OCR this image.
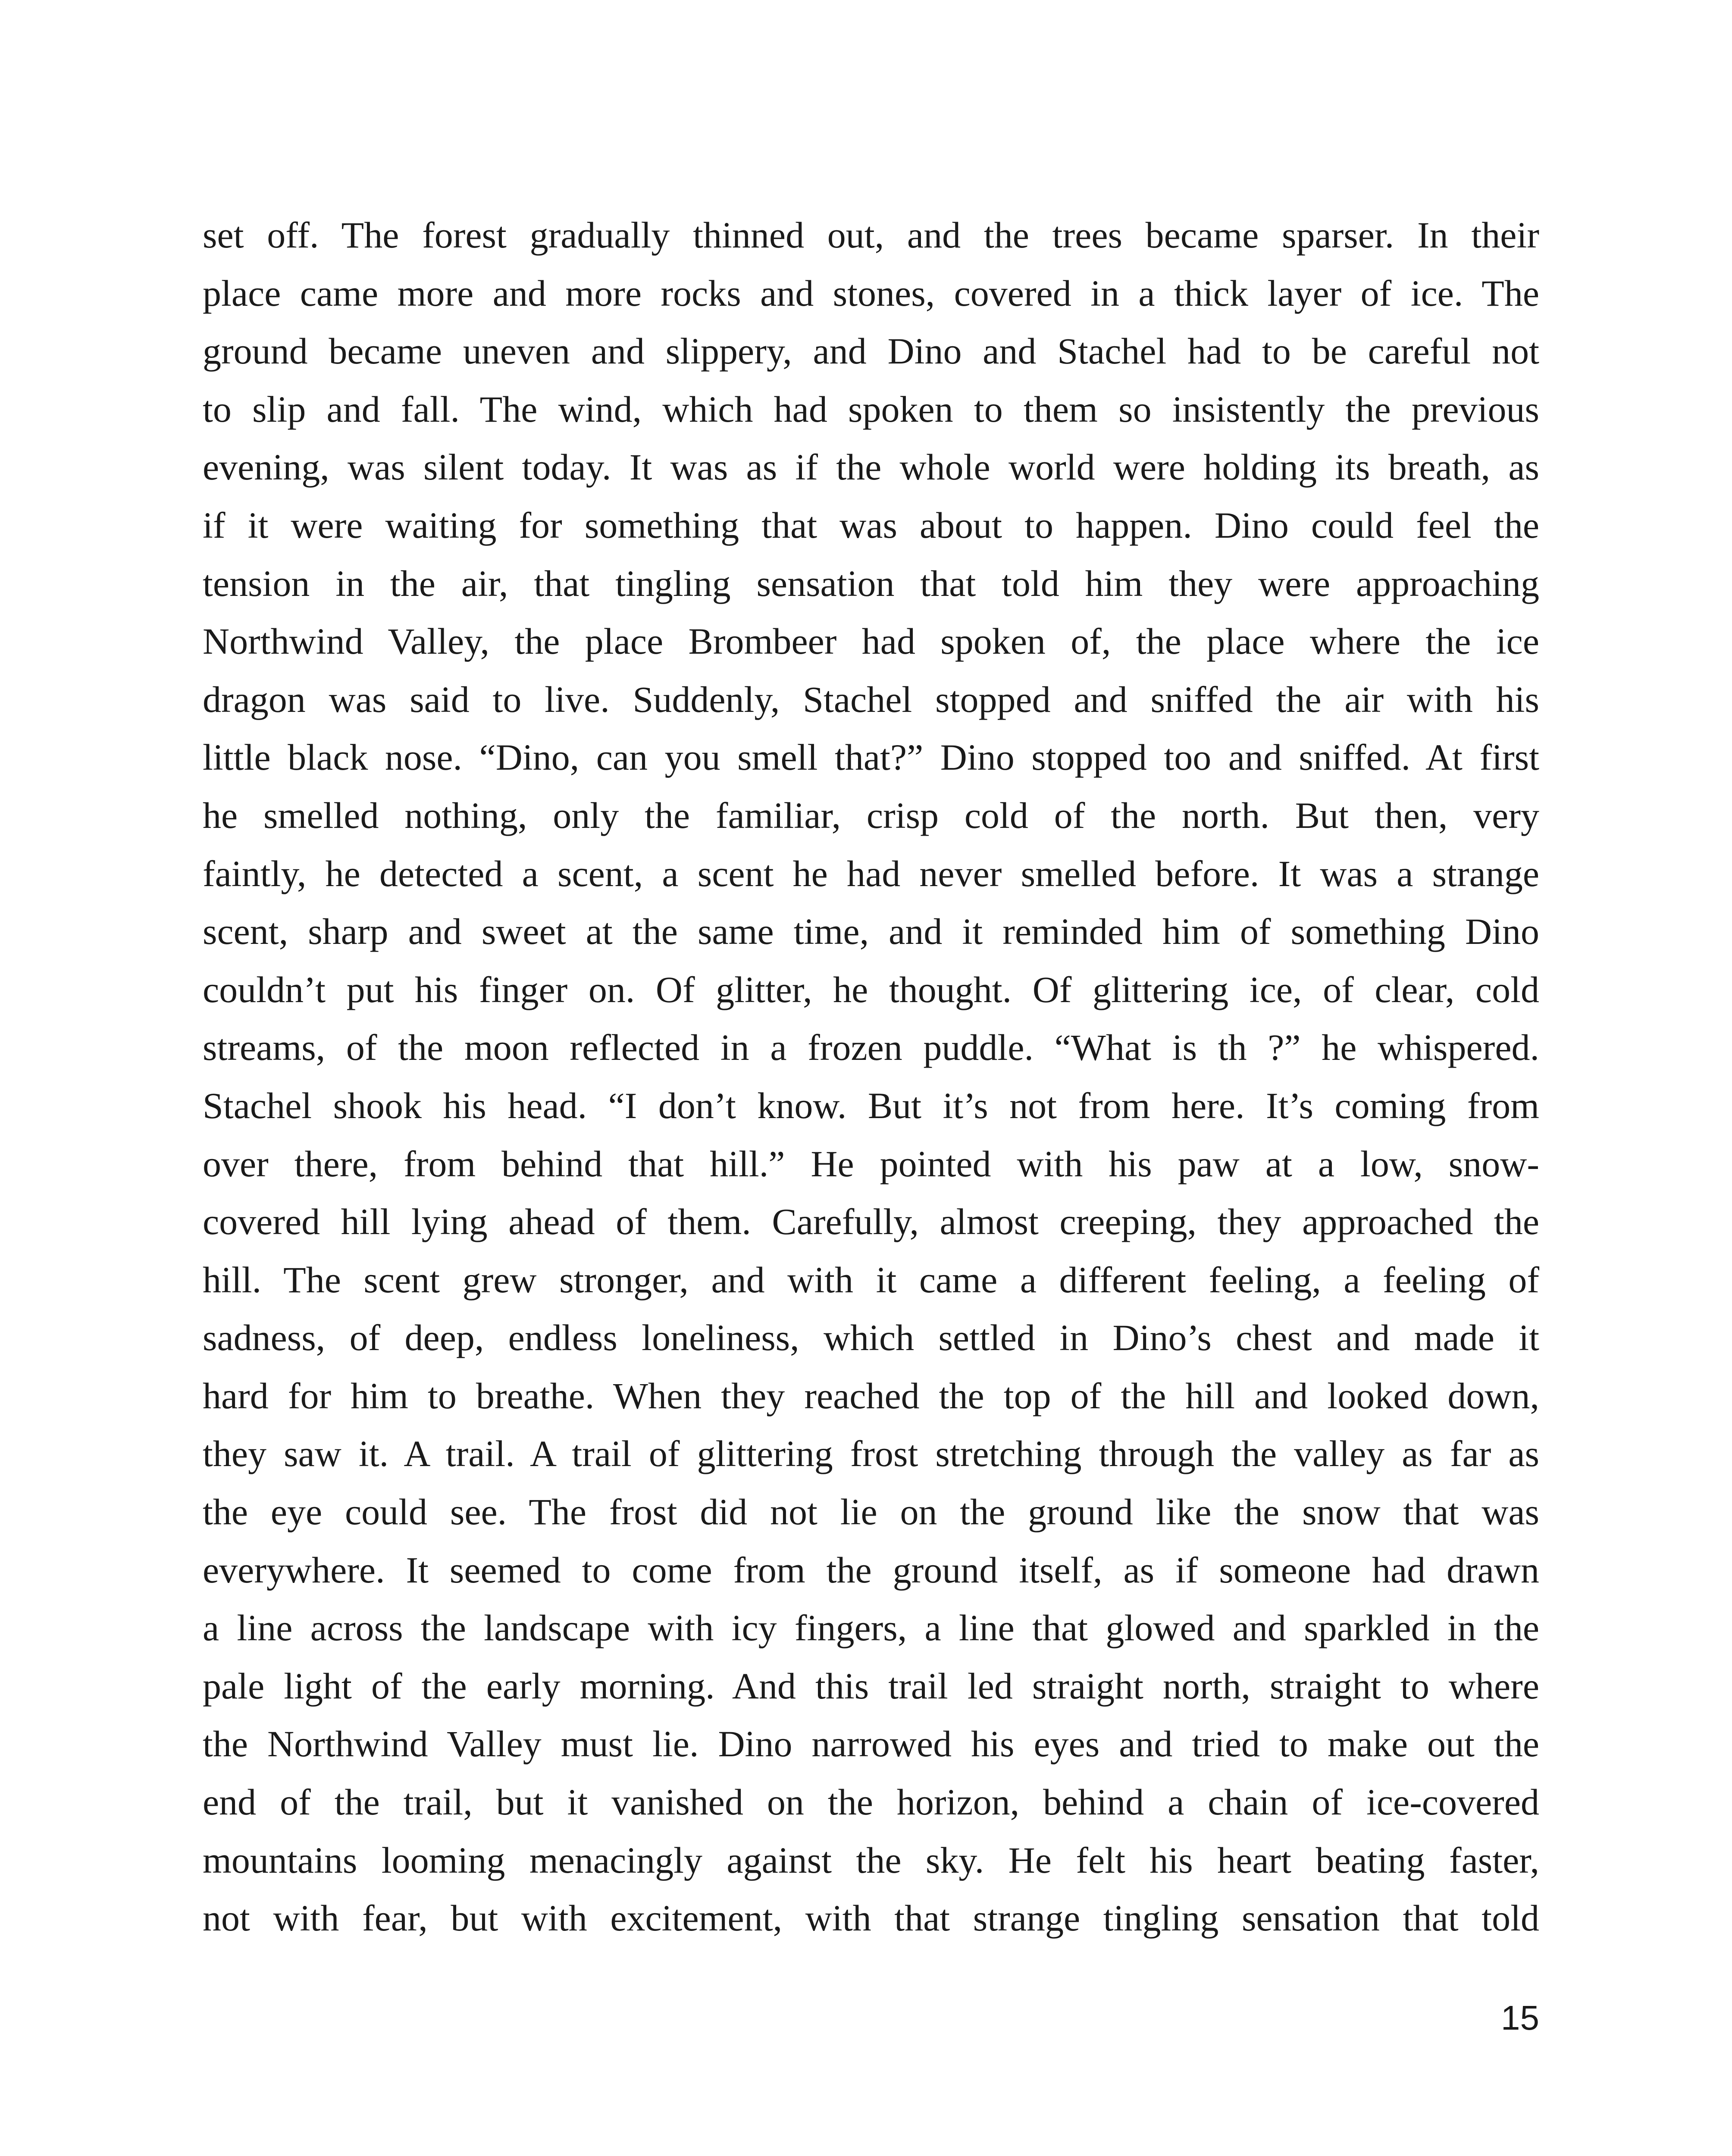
set off. The forest gradually thinned out, and the trees became sparser. In their
place came more and more rocks and stones, covered in a thick layer of ice. The
ground became uneven and slippery, and Dino and Stachel had to be careful not
to slip and fall. The wind, which had spoken to them so insistently the previous
evening, was silent today. It was as if the whole world were holding its breath, as
if it were waiting for something that was about to happen. Dino could feel the
tension in the air, that tingling sensation that told him they were approaching
Northwind Valley, the place Brombeer had spoken of, the place where the ice
dragon was said to live. Suddenly, Stachel stopped and sniffed the air with his
little black nose. “Dino, can you smell that?” Dino stopped too and sniffed. At first
he smelled nothing, only the familiar, crisp cold of the north. But then, very
faintly, he detected a scent, a scent he had never smelled before. It was a strange
scent, sharp and sweet at the same time, and it reminded him of something Dino
couldn’t put his finger on. Of glitter, he thought. Of glittering ice, of clear, cold
streams, of the moon reflected in a frozen puddle. “What is th ?” he whispered.
Stachel shook his head. “I don’t know. But it’s not from here. It’s coming from
over there, from behind that hill.” He pointed with his paw at a low, snow-
covered hill lying ahead of them. Carefully, almost creeping, they approached the
hill. The scent grew stronger, and with it came a different feeling, a feeling of
sadness, of deep, endless loneliness, which settled in Dino’s chest and made it
hard for him to breathe. When they reached the top of the hill and looked down,
they saw it. A trail. A trail of glittering frost stretching through the valley as far as
the eye could see. The frost did not lie on the ground like the snow that was
everywhere. It seemed to come from the ground itself, as if someone had drawn
a line across the landscape with icy fingers, a line that glowed and sparkled in the
pale light of the early morning. And this trail led straight north, straight to where
the Northwind Valley must lie. Dino narrowed his eyes and tried to make out the
end of the trail, but it vanished on the horizon, behind a chain of ice-covered
mountains looming menacingly against the sky. He felt his heart beating faster,
not with fear, but with excitement, with that strange tingling sensation that told
15
